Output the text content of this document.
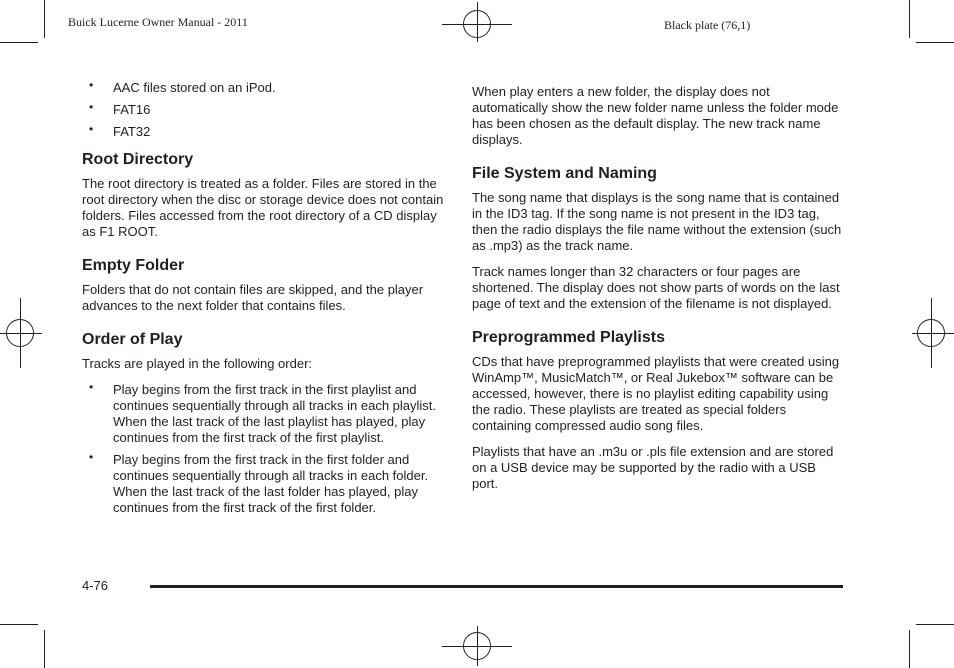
Buick Lucerne Owner Manual - 2011	Black plate (76,1)
• AAC files stored on an iPod.
• FAT16
• FAT32
Root Directory

The root directory is treated as a folder. Files are stored in the root directory when the disc or storage device does not contain folders. Files accessed from the root directory of a CD display as F1 ROOT.

Empty Folder

Folders that do not contain files are skipped, and the player advances to the next folder that contains files.

Order of Play

Tracks are played in the following order:

• Play begins from the first track in the first playlist and continues sequentially through all tracks in each playlist. When the last track of the last playlist has played, play continues from the first track of the first playlist.
• Play begins from the first track in the first folder and continues sequentially through all tracks in each folder. When the last track of the last folder has played, play continues from the first track of the first folder.

When play enters a new folder, the display does not automatically show the new folder name unless the folder mode has been chosen as the default display. The new track name displays.

File System and Naming

The song name that displays is the song name that is contained in the ID3 tag. If the song name is not present in the ID3 tag, then the radio displays the file name without the extension (such as .mp3) as the track name.

Track names longer than 32 characters or four pages are shortened. The display does not show parts of words on the last page of text and the extension of the filename is not displayed.

Preprogrammed Playlists

CDs that have preprogrammed playlists that were created using WinAmp™, MusicMatch™, or Real Jukebox™ software can be accessed, however, there is no playlist editing capability using the radio. These playlists are treated as special folders containing compressed audio song files.

Playlists that have an .m3u or .pls file extension and are stored on a USB device may be supported by the radio with a USB port.

4-76
